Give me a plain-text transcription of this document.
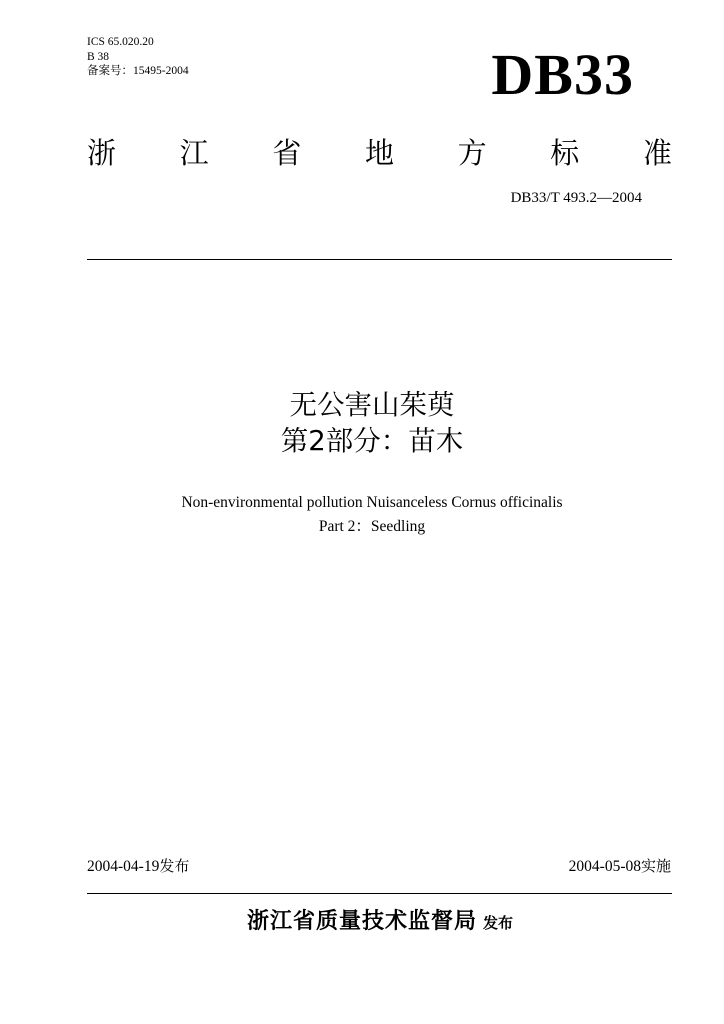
ICS 65.020.20
B 38
备案号：15495-2004	DB33
浙 江 省 地 方 标 准
DB33/T 493.2—2004
无公害山茱萸
第2部分：苗木
Non-environmental pollution Nuisanceless Cornus officinalis
Part 2：Seedling
2004-04-19发布	2004-05-08实施
浙江省质量技术监督局 发布
